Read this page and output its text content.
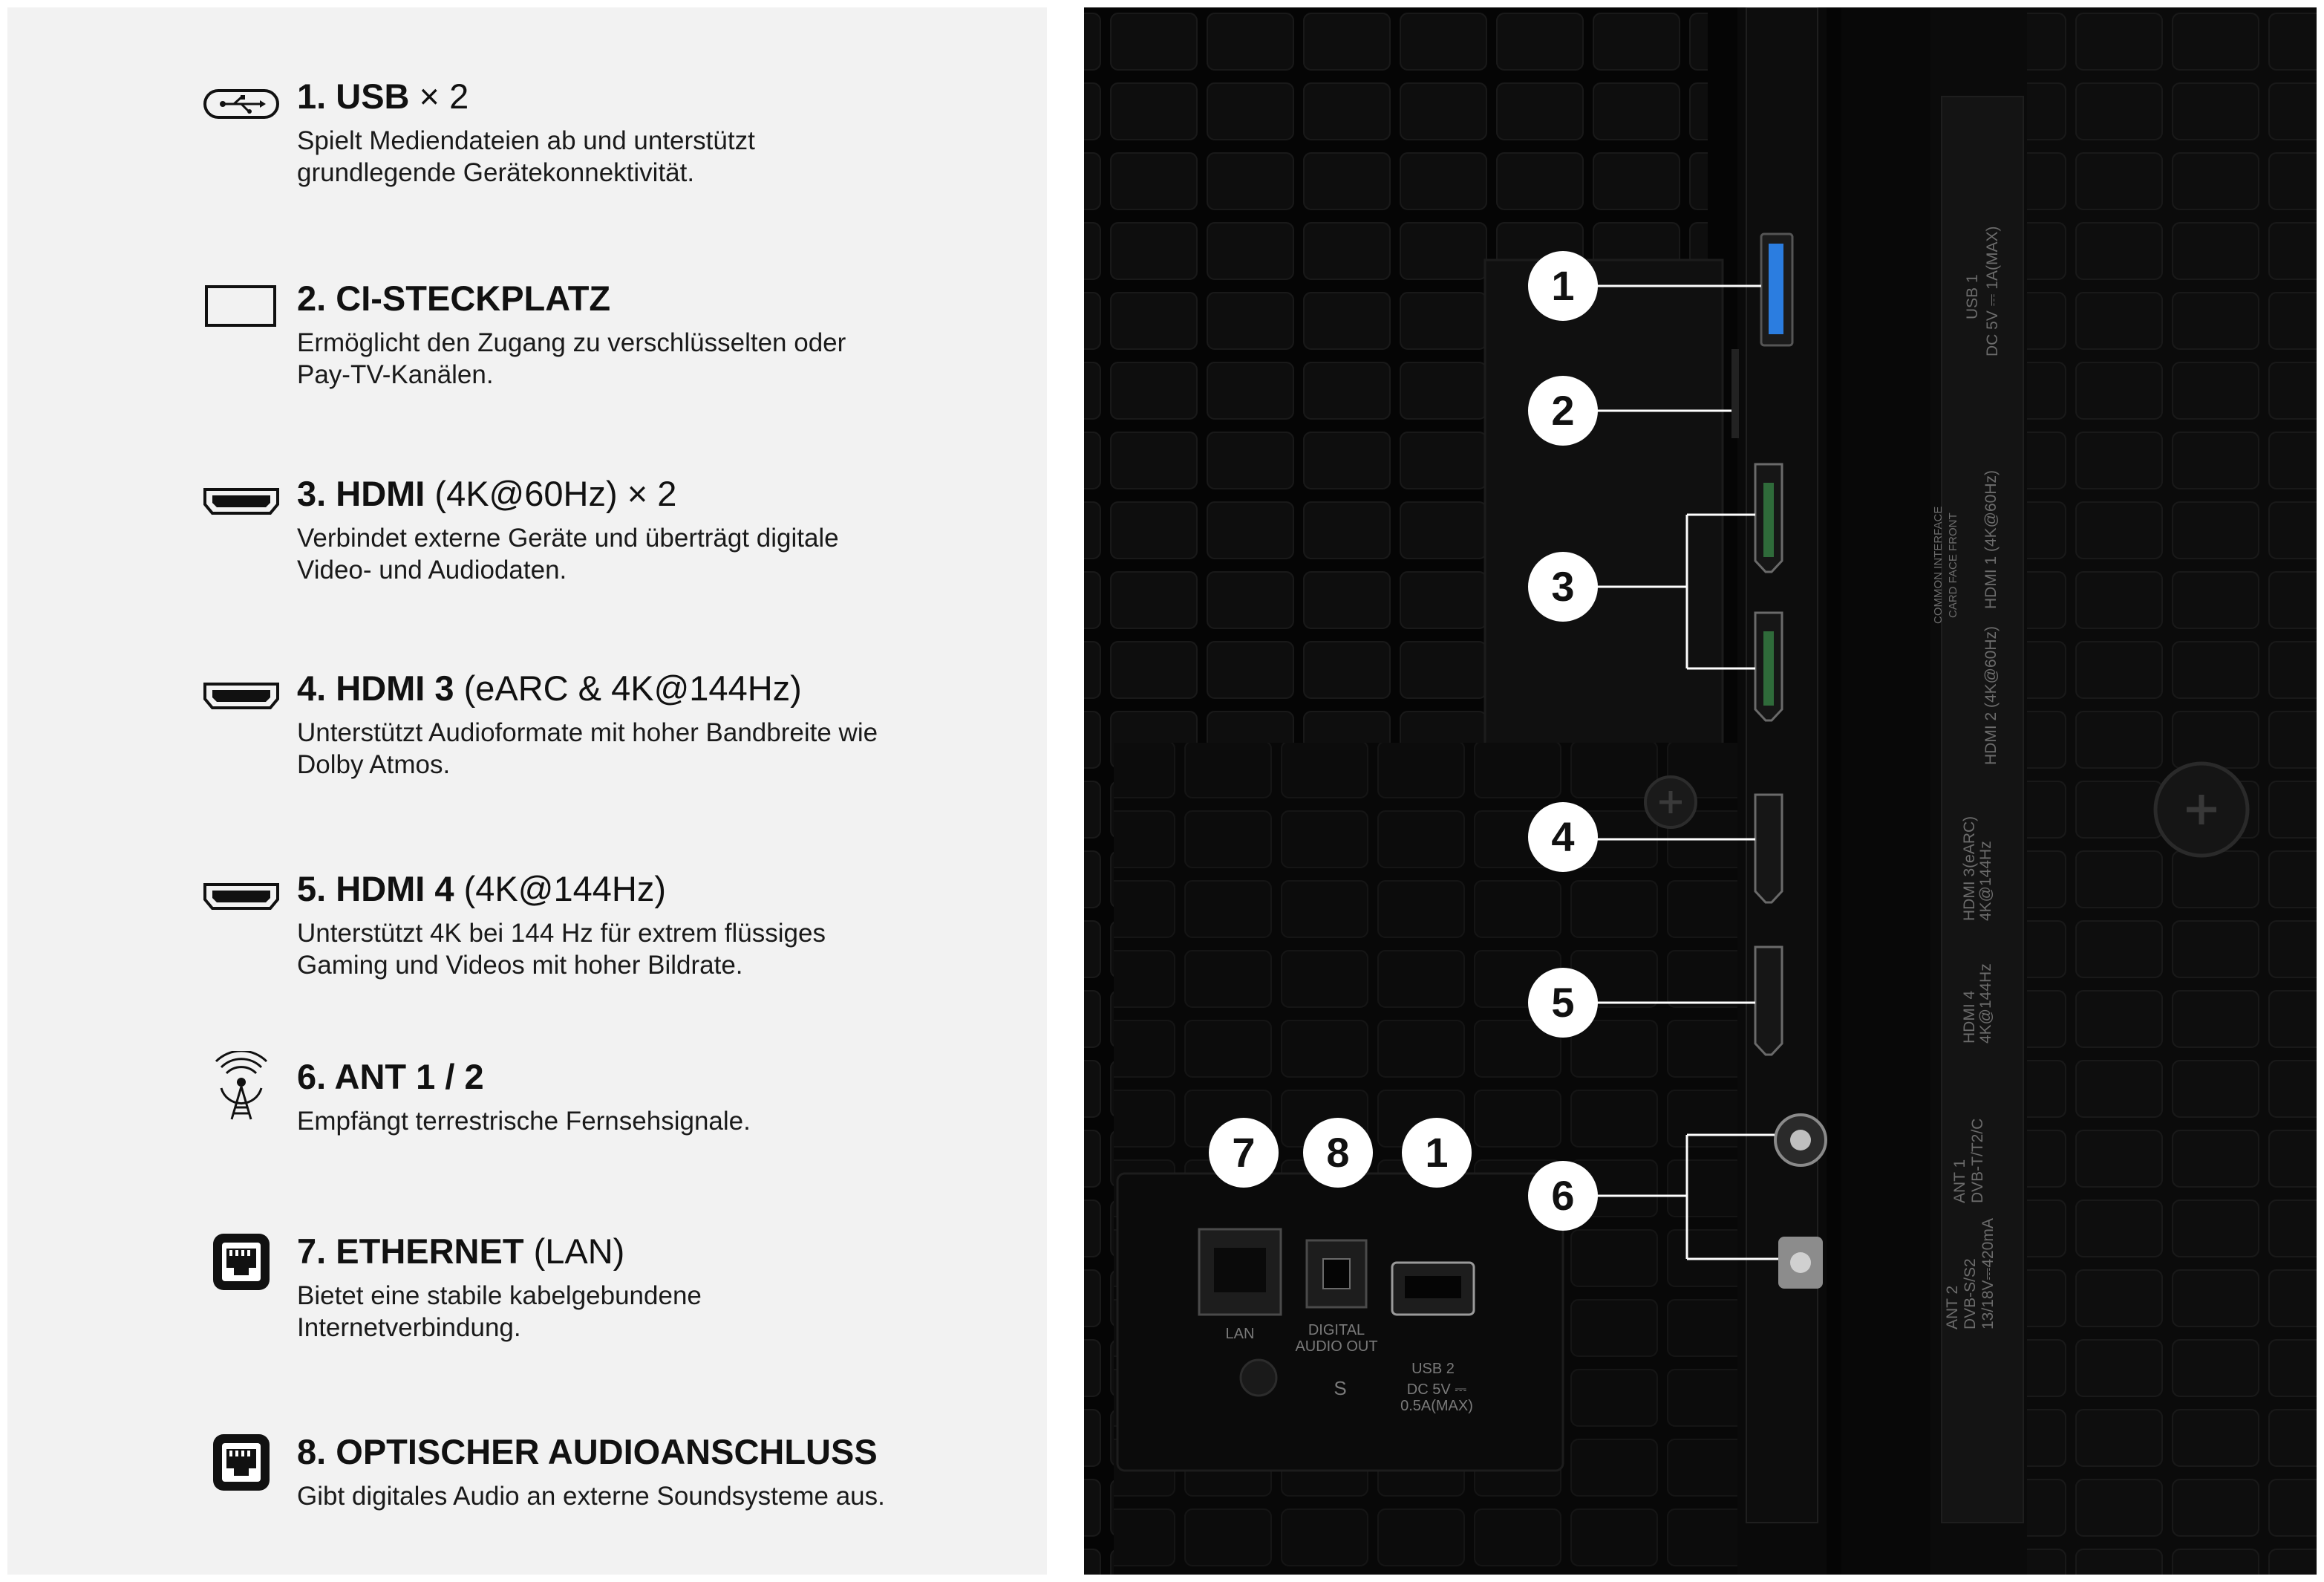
1. USB × 2
Spielt Mediendateien ab und unterstützt grundlegende Gerätekonnektivität.
2. CI-STECKPLATZ
Ermöglicht den Zugang zu verschlüsselten oder Pay-TV-Kanälen.
3. HDMI (4K@60Hz) × 2
Verbindet externe Geräte und überträgt digitale Video- und Audiodaten.
4. HDMI 3 (eARC & 4K@144Hz)
Unterstützt Audioformate mit hoher Bandbreite wie Dolby Atmos.
5. HDMI 4 (4K@144Hz)
Unterstützt 4K bei 144 Hz für extrem flüssiges Gaming und Videos mit hoher Bildrate.
6. ANT 1 / 2
Empfängt terrestrische Fernsehsignale.
7. ETHERNET (LAN)
Bietet eine stabile kabelgebundene Internetverbindung.
8. OPTISCHER AUDIOANSCHLUSS
Gibt digitales Audio an externe Soundsysteme aus.
1
2
3
4
5
6
7	8	1
LAN	DIGITAL
AUDIO OUT
USB 2
DC 5V ⎓ 0.5A(MAX)
S
USB 1 DC 5V ⎓ 1A(MAX)
COMMON INTERFACE CARD FACE FRONT HDMI 1 (4K@60Hz)
HDMI 2 (4K@60Hz)
HDMI 3(eARC)
4K@144Hz
HDMI 4
4K@144Hz
ANT 1
DVB-T/T2/C
ANT 2
DVB-S/S2
13/18V⎓420mA
